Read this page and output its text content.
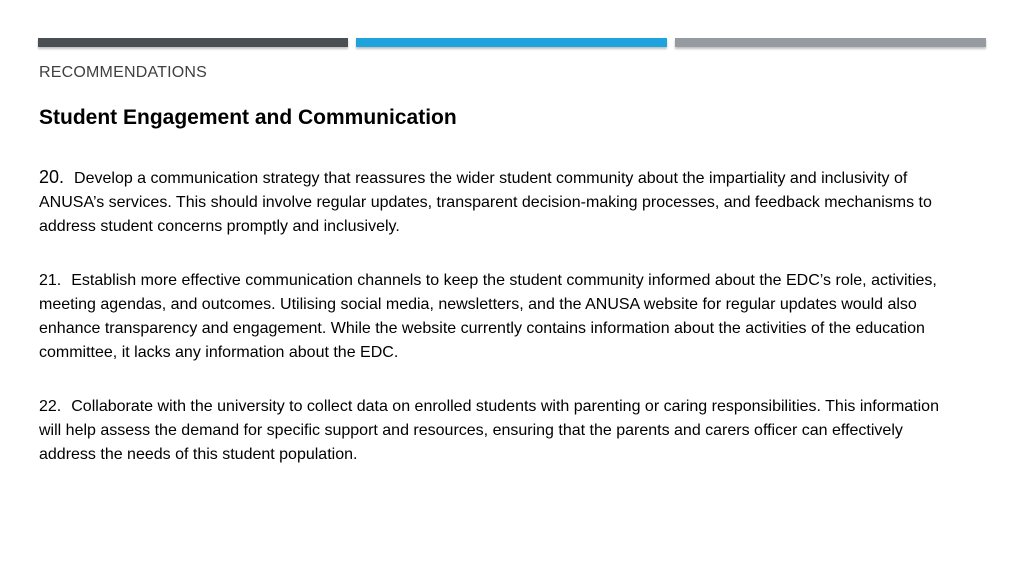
RECOMMENDATIONS
Student Engagement and Communication
20. Develop a communication strategy that reassures the wider student community about the impartiality and inclusivity of ANUSA’s services. This should involve regular updates, transparent decision-making processes, and feedback mechanisms to address student concerns promptly and inclusively.
21. Establish more effective communication channels to keep the student community informed about the EDC’s role, activities, meeting agendas, and outcomes. Utilising social media, newsletters, and the ANUSA website for regular updates would also enhance transparency and engagement. While the website currently contains information about the activities of the education committee, it lacks any information about the EDC.
22. Collaborate with the university to collect data on enrolled students with parenting or caring responsibilities. This information will help assess the demand for specific support and resources, ensuring that the parents and carers officer can effectively address the needs of this student population.
